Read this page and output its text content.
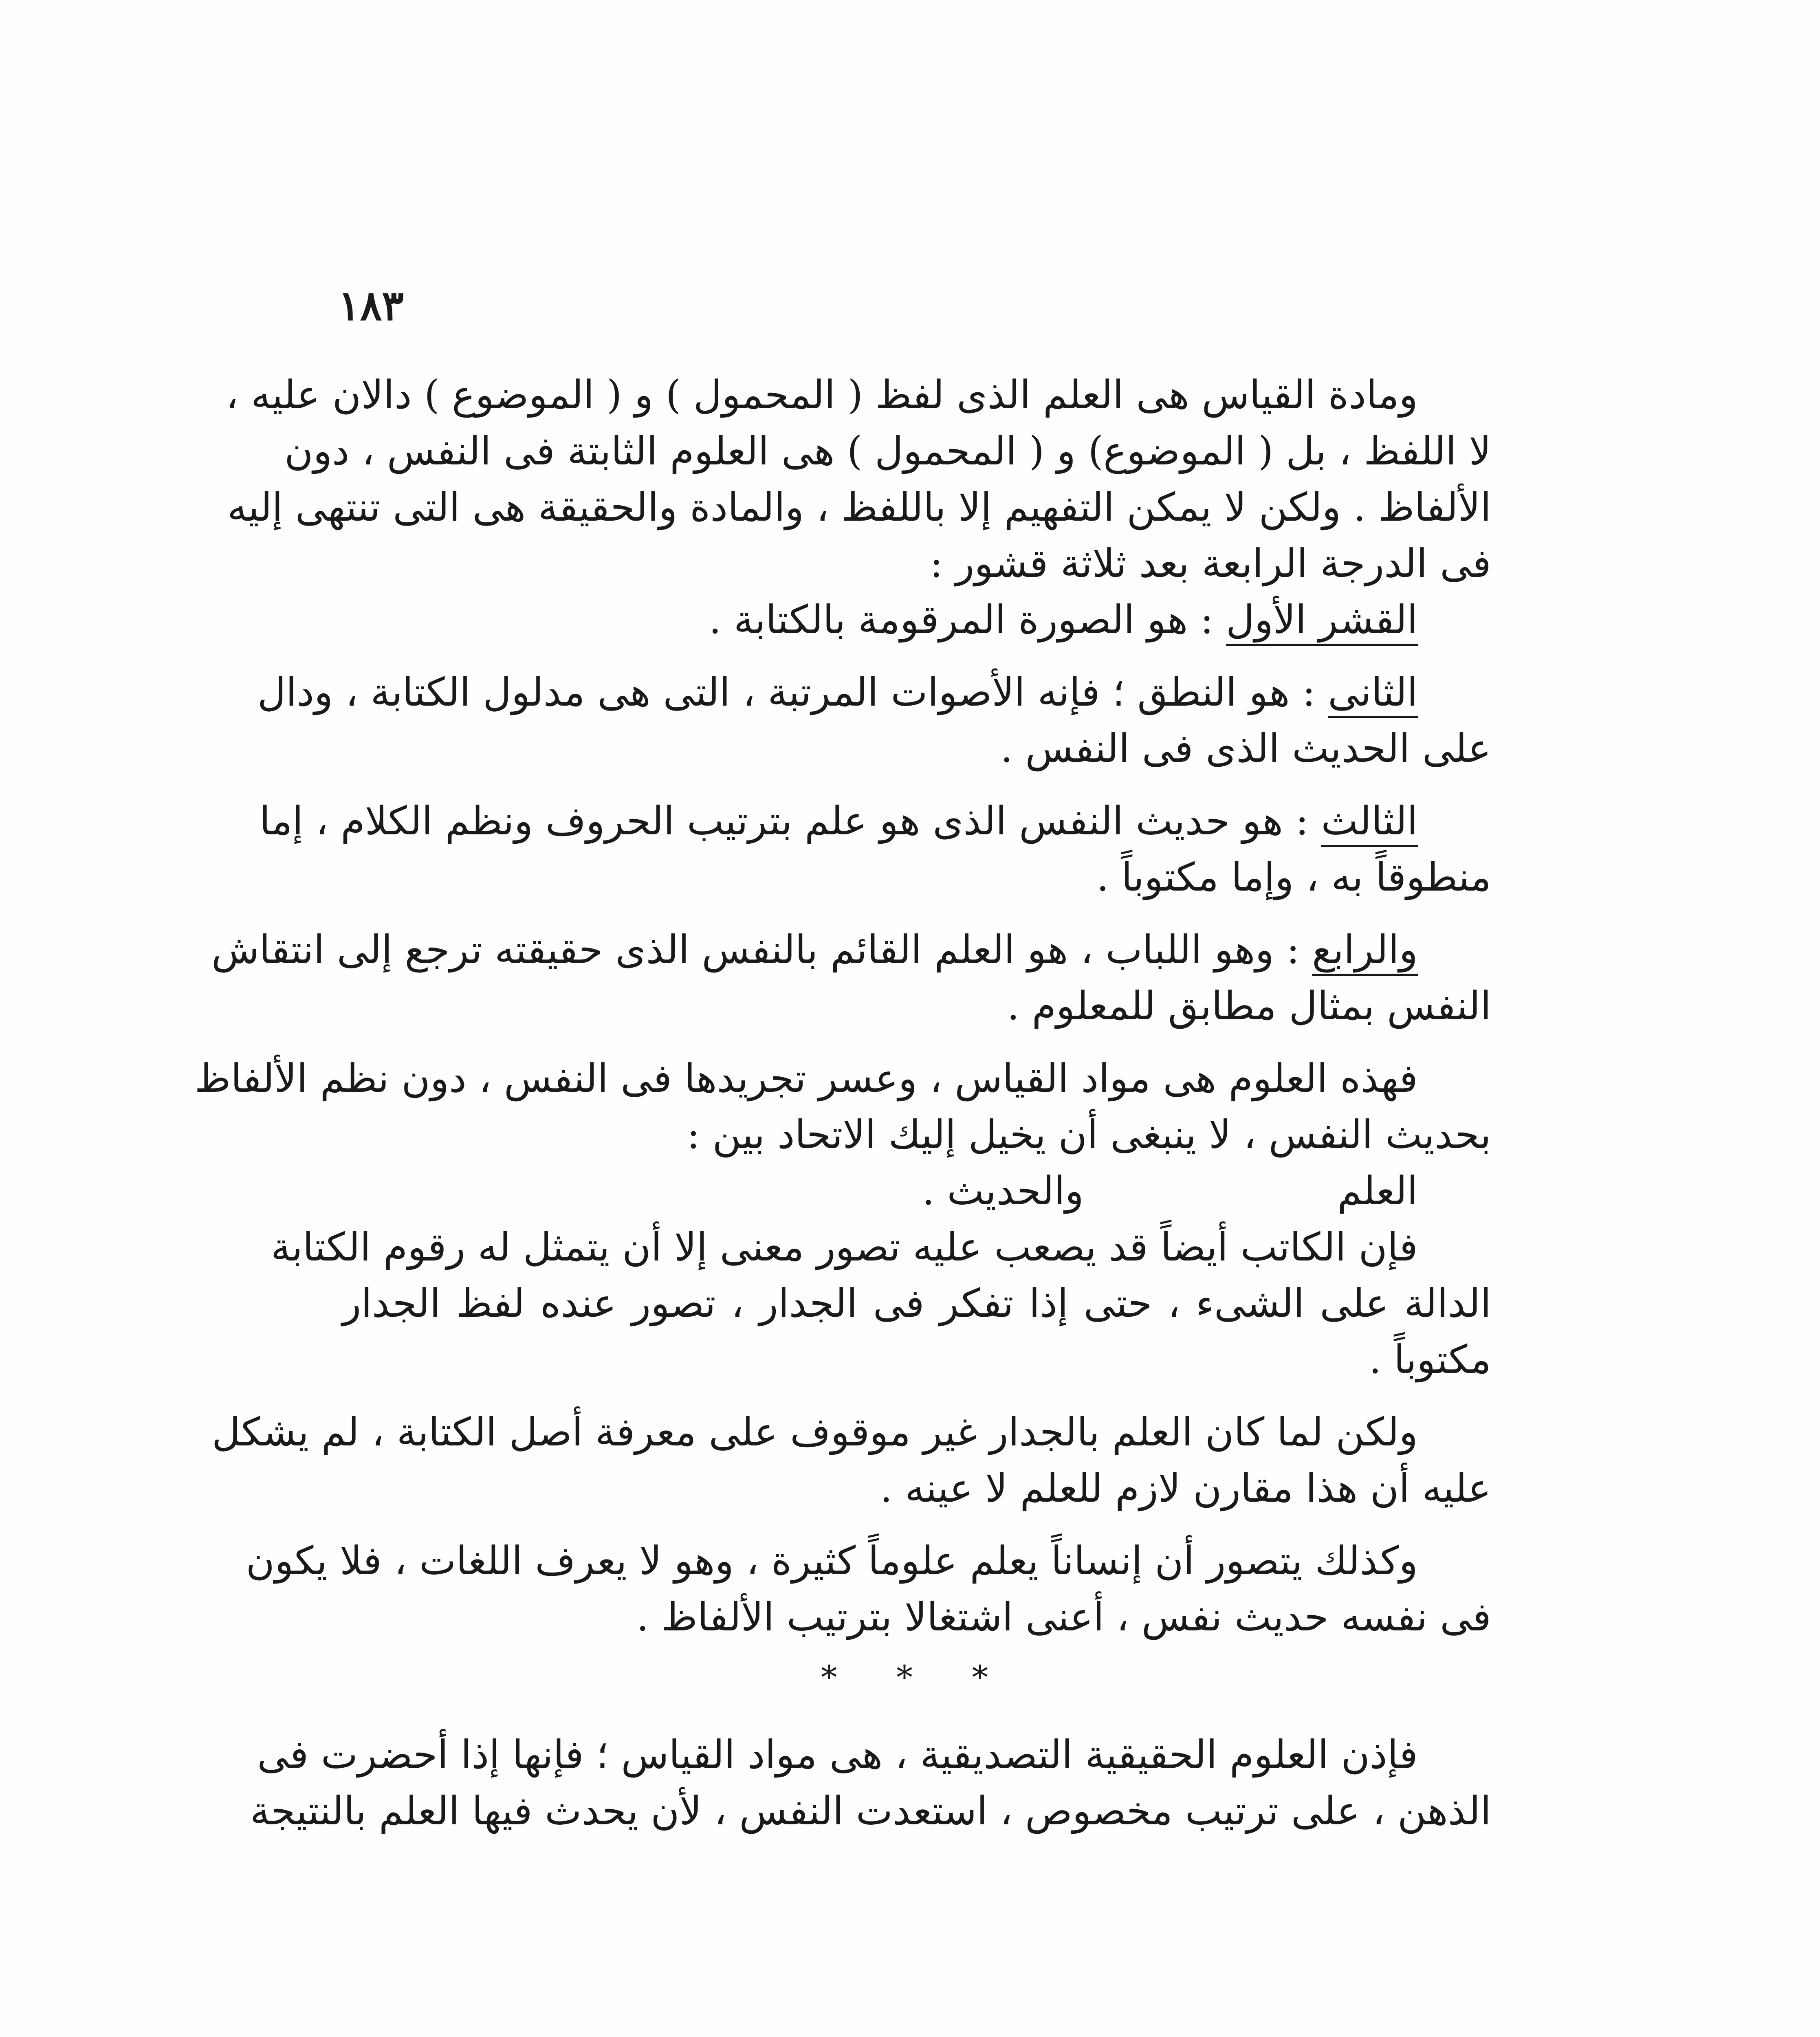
١٨٣
ومادة القياس هى العلم الذى لفظ ( المحمول ) و ( الموضوع ) دالان عليه ،
لا اللفظ ، بل ( الموضوع) و ( المحمول ) هى العلوم الثابتة فى النفس ، دون
الألفاظ . ولكن لا يمكن التفهيم إلا باللفظ ، والمادة والحقيقة هى التى تنتهى إليه
فى الدرجة الرابعة بعد ثلاثة قشور :
القشر الأول : هو الصورة المرقومة بالكتابة .
الثانى : هو النطق ؛ فإنه الأصوات المرتبة ، التى هى مدلول الكتابة ، ودال
على الحديث الذى فى النفس .
الثالث : هو حديث النفس الذى هو علم بترتيب الحروف ونظم الكلام ، إما
منطوقاً به ، وإما مكتوباً .
والرابع : وهو اللباب ، هو العلم القائم بالنفس الذى حقيقته ترجع إلى انتقاش
النفس بمثال مطابق للمعلوم .
فهذه العلوم هى مواد القياس ، وعسر تجريدها فى النفس ، دون نظم الألفاظ
بحديث النفس ، لا ينبغى أن يخيل إليك الاتحاد بين :
العلم
والحديث .
فإن الكاتب أيضاً قد يصعب عليه تصور معنى إلا أن يتمثل له رقوم الكتابة
الدالة على الشىء ، حتى إذا تفكر فى الجدار ، تصور عنده لفظ الجدار
مكتوباً .
ولكن لما كان العلم بالجدار غير موقوف على معرفة أصل الكتابة ، لم يشكل
عليه أن هذا مقارن لازم للعلم لا عينه .
وكذلك يتصور أن إنساناً يعلم علوماً كثيرة ، وهو لا يعرف اللغات ، فلا يكون
فى نفسه حديث نفس ، أعنى اشتغالا بترتيب الألفاظ .
* * *
فإذن العلوم الحقيقية التصديقية ، هى مواد القياس ؛ فإنها إذا أحضرت فى
الذهن ، على ترتيب مخصوص ، استعدت النفس ، لأن يحدث فيها العلم بالنتيجة
